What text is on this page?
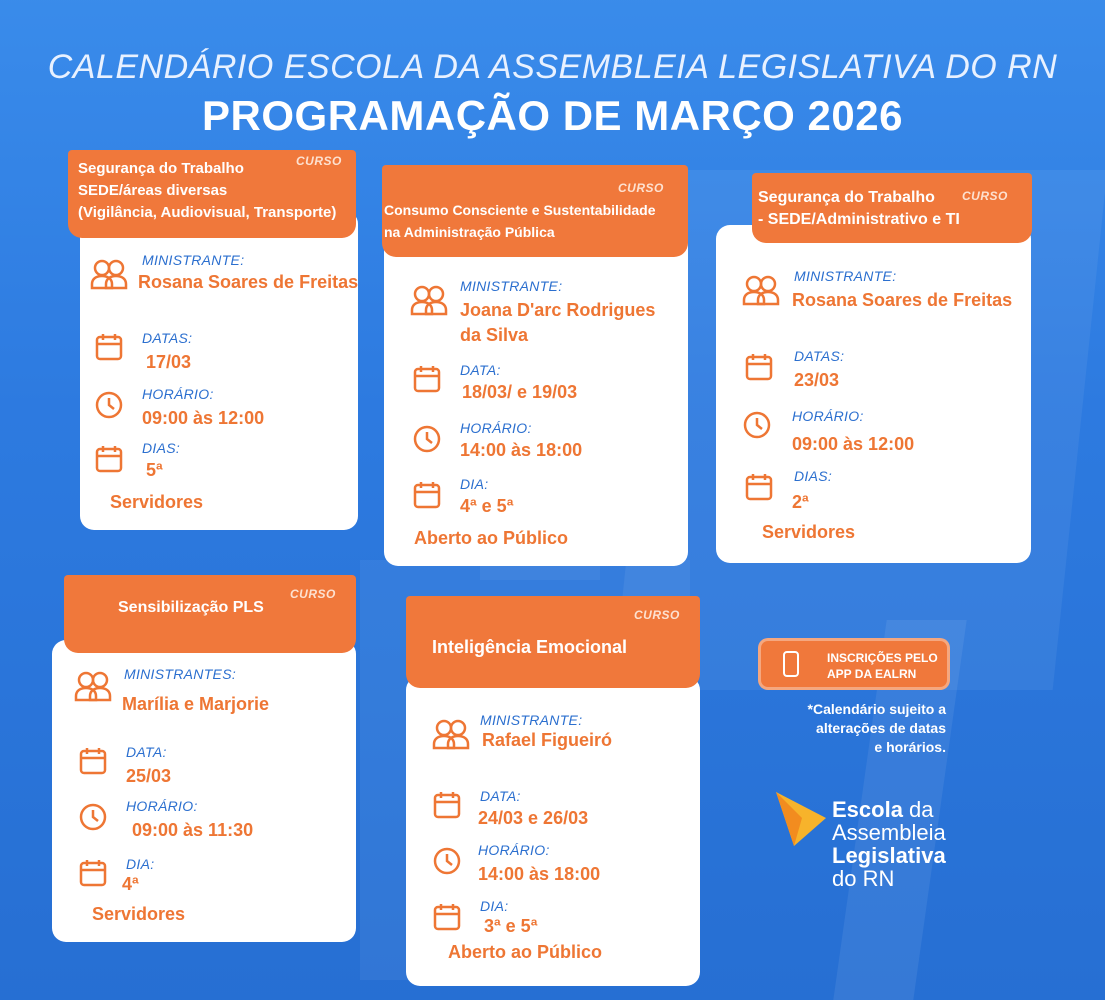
CALENDÁRIO ESCOLA DA ASSEMBLEIA LEGISLATIVA DO RN
PROGRAMAÇÃO DE MARÇO 2026
CURSO
Segurança do Trabalho
SEDE/áreas diversas
(Vigilância, Audiovisual, Transporte)
MINISTRANTE:
Rosana Soares de Freitas
DATAS:
17/03
HORÁRIO:
09:00 às 12:00
DIAS:
5ª
Servidores
CURSO
Consumo Consciente e Sustentabilidade
na Administração Pública
MINISTRANTE:
Joana D'arc Rodrigues
da Silva
DATA:
18/03/ e 19/03
HORÁRIO:
14:00 às 18:00
DIA:
4ª e 5ª
Aberto ao Público
CURSO
Segurança do Trabalho
- SEDE/Administrativo e TI
MINISTRANTE:
Rosana Soares de Freitas
DATAS:
23/03
HORÁRIO:
09:00 às 12:00
DIAS:
2ª
Servidores
CURSO
Sensibilização PLS
MINISTRANTES:
Marília e Marjorie
DATA:
25/03
HORÁRIO:
09:00 às 11:30
DIA:
4ª
Servidores
CURSO
Inteligência Emocional
MINISTRANTE:
Rafael Figueiró
DATA:
24/03 e 26/03
HORÁRIO:
14:00 às 18:00
DIA:
3ª e 5ª
Aberto ao Público
INSCRIÇÕES PELO
APP DA EALRN
*Calendário sujeito a
alterações de datas
e horários.
Escola da
Assembleia
Legislativa
do RN
